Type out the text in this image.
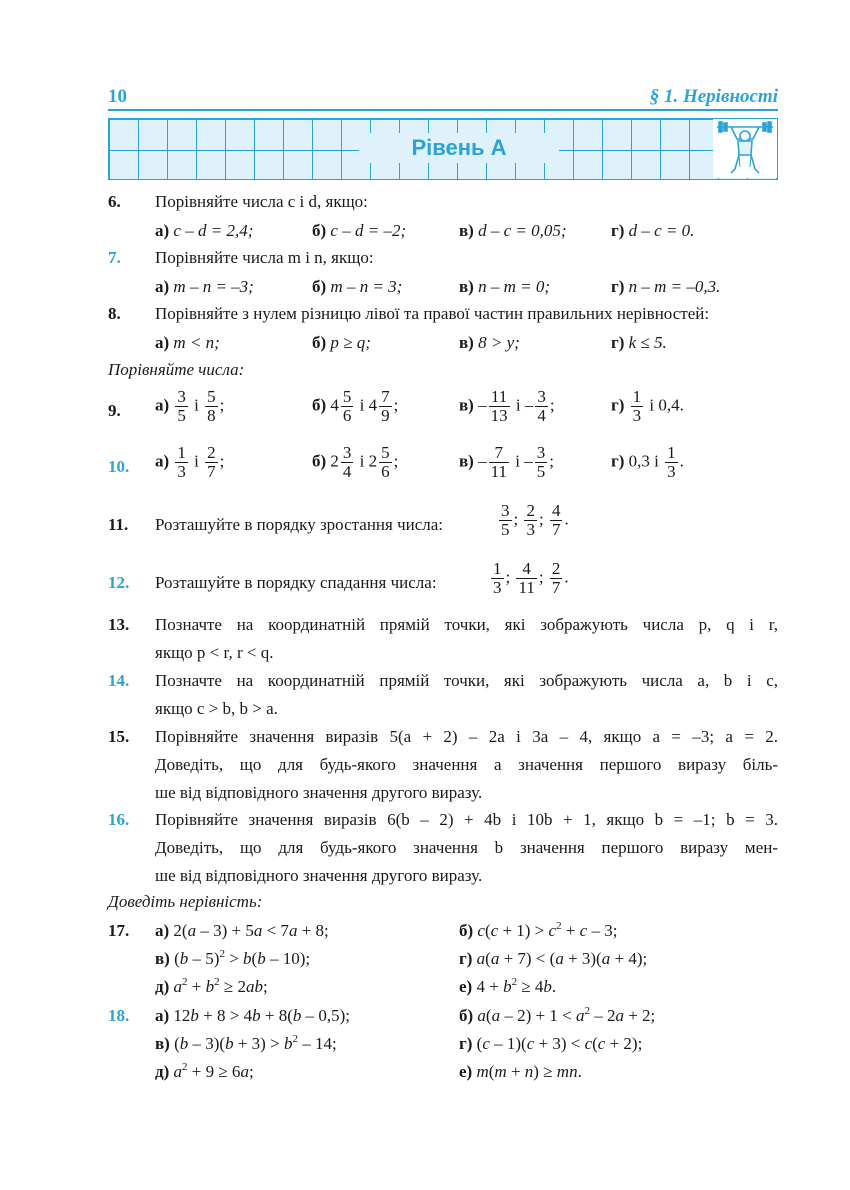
10	§ 1. Нерівності
Рівень А
6. Порівняйте числа c і d, якщо:
а) c – d = 2,4;	б) c – d = –2;	в) d – c = 0,05;	г) d – c = 0.
7. Порівняйте числа m і n, якщо:
а) m – n = –3;	б) m – n = 3;	в) n – m = 0;	г) n – m = –0,3.
8. Порівняйте з нулем різницю лівої та правої частин правильних нерівностей:
а) m < n;	б) p ≥ q;	в) 8 > y;	г) k ≤ 5.
Порівняйте числа:
9. $а) \frac{3}{5}$ і $\frac{5}{8}$ ;	б) $4 \frac{5}{6}$ і $4 \frac{7}{9}$ ;	$в) - \frac{11}{13}$ і – $\frac{3}{4}$ ;	$г) \frac{1}{3}$ і 0,4.
10. $а) \frac{1}{3}$ і $\frac{2}{7}$ ;	б) $2 \frac{3}{4}$ і $2 \frac{5}{6}$ ;	$в) - \frac{7}{11}$ і – $\frac{3}{5}$ ;	г) 0,3 і $\frac{1}{3}$ .
11. Розташуйте в порядку зростання числа:	$\frac{3}{5}$ ; $\frac{2}{3}$ ; $\frac{4}{7}$ .
12. Розташуйте в порядку спадання числа:	$\frac{1}{3}$ ; $\frac{4}{11}$ ; $\frac{2}{7}$ .
13. Позначте на координатній прямій точки, які зображують числа p, q і r,
якщо p < r, r < q.
14. Позначте на координатній прямій точки, які зображують числа a, b і c,
якщо c > b, b > a.
15. Порівняйте значення виразів 5(a + 2) – 2a і 3a – 4, якщо a = –3; a = 2.
Доведіть, що для будь-якого значення a значення першого виразу біль-
ше від відповідного значення другого виразу.
16. Порівняйте значення виразів 6(b – 2) + 4b і 10b + 1, якщо b = –1; b = 3.
Доведіть, що для будь-якого значення b значення першого виразу мен-
ше від відповідного значення другого виразу.
Доведіть нерівність:
17. а) 2(a – 3) + 5a < 7a + 8;	б) $c(c + 1) > c^2 + c - 3$;
в) (b – 5)$^2$ > b(b – 10);	г) a(a + 7) < (a + 3)(a + 4);
д) $a^2 + b^2 \ge 2ab$;	е) $4 + b^2 \ge 4b$.
18. а) 12b + 8 > 4b + 8(b – 0,5);	б) $a(a - 2) + 1 < a^2 - 2a + 2$;
в) $(b - 3)(b + 3) > b^2 - 14$;	г) (c – 1)(c + 3) < c(c + 2);
д) $a^2 + 9 \ge 6a$;	е) m(m + n) ≥ mn.
